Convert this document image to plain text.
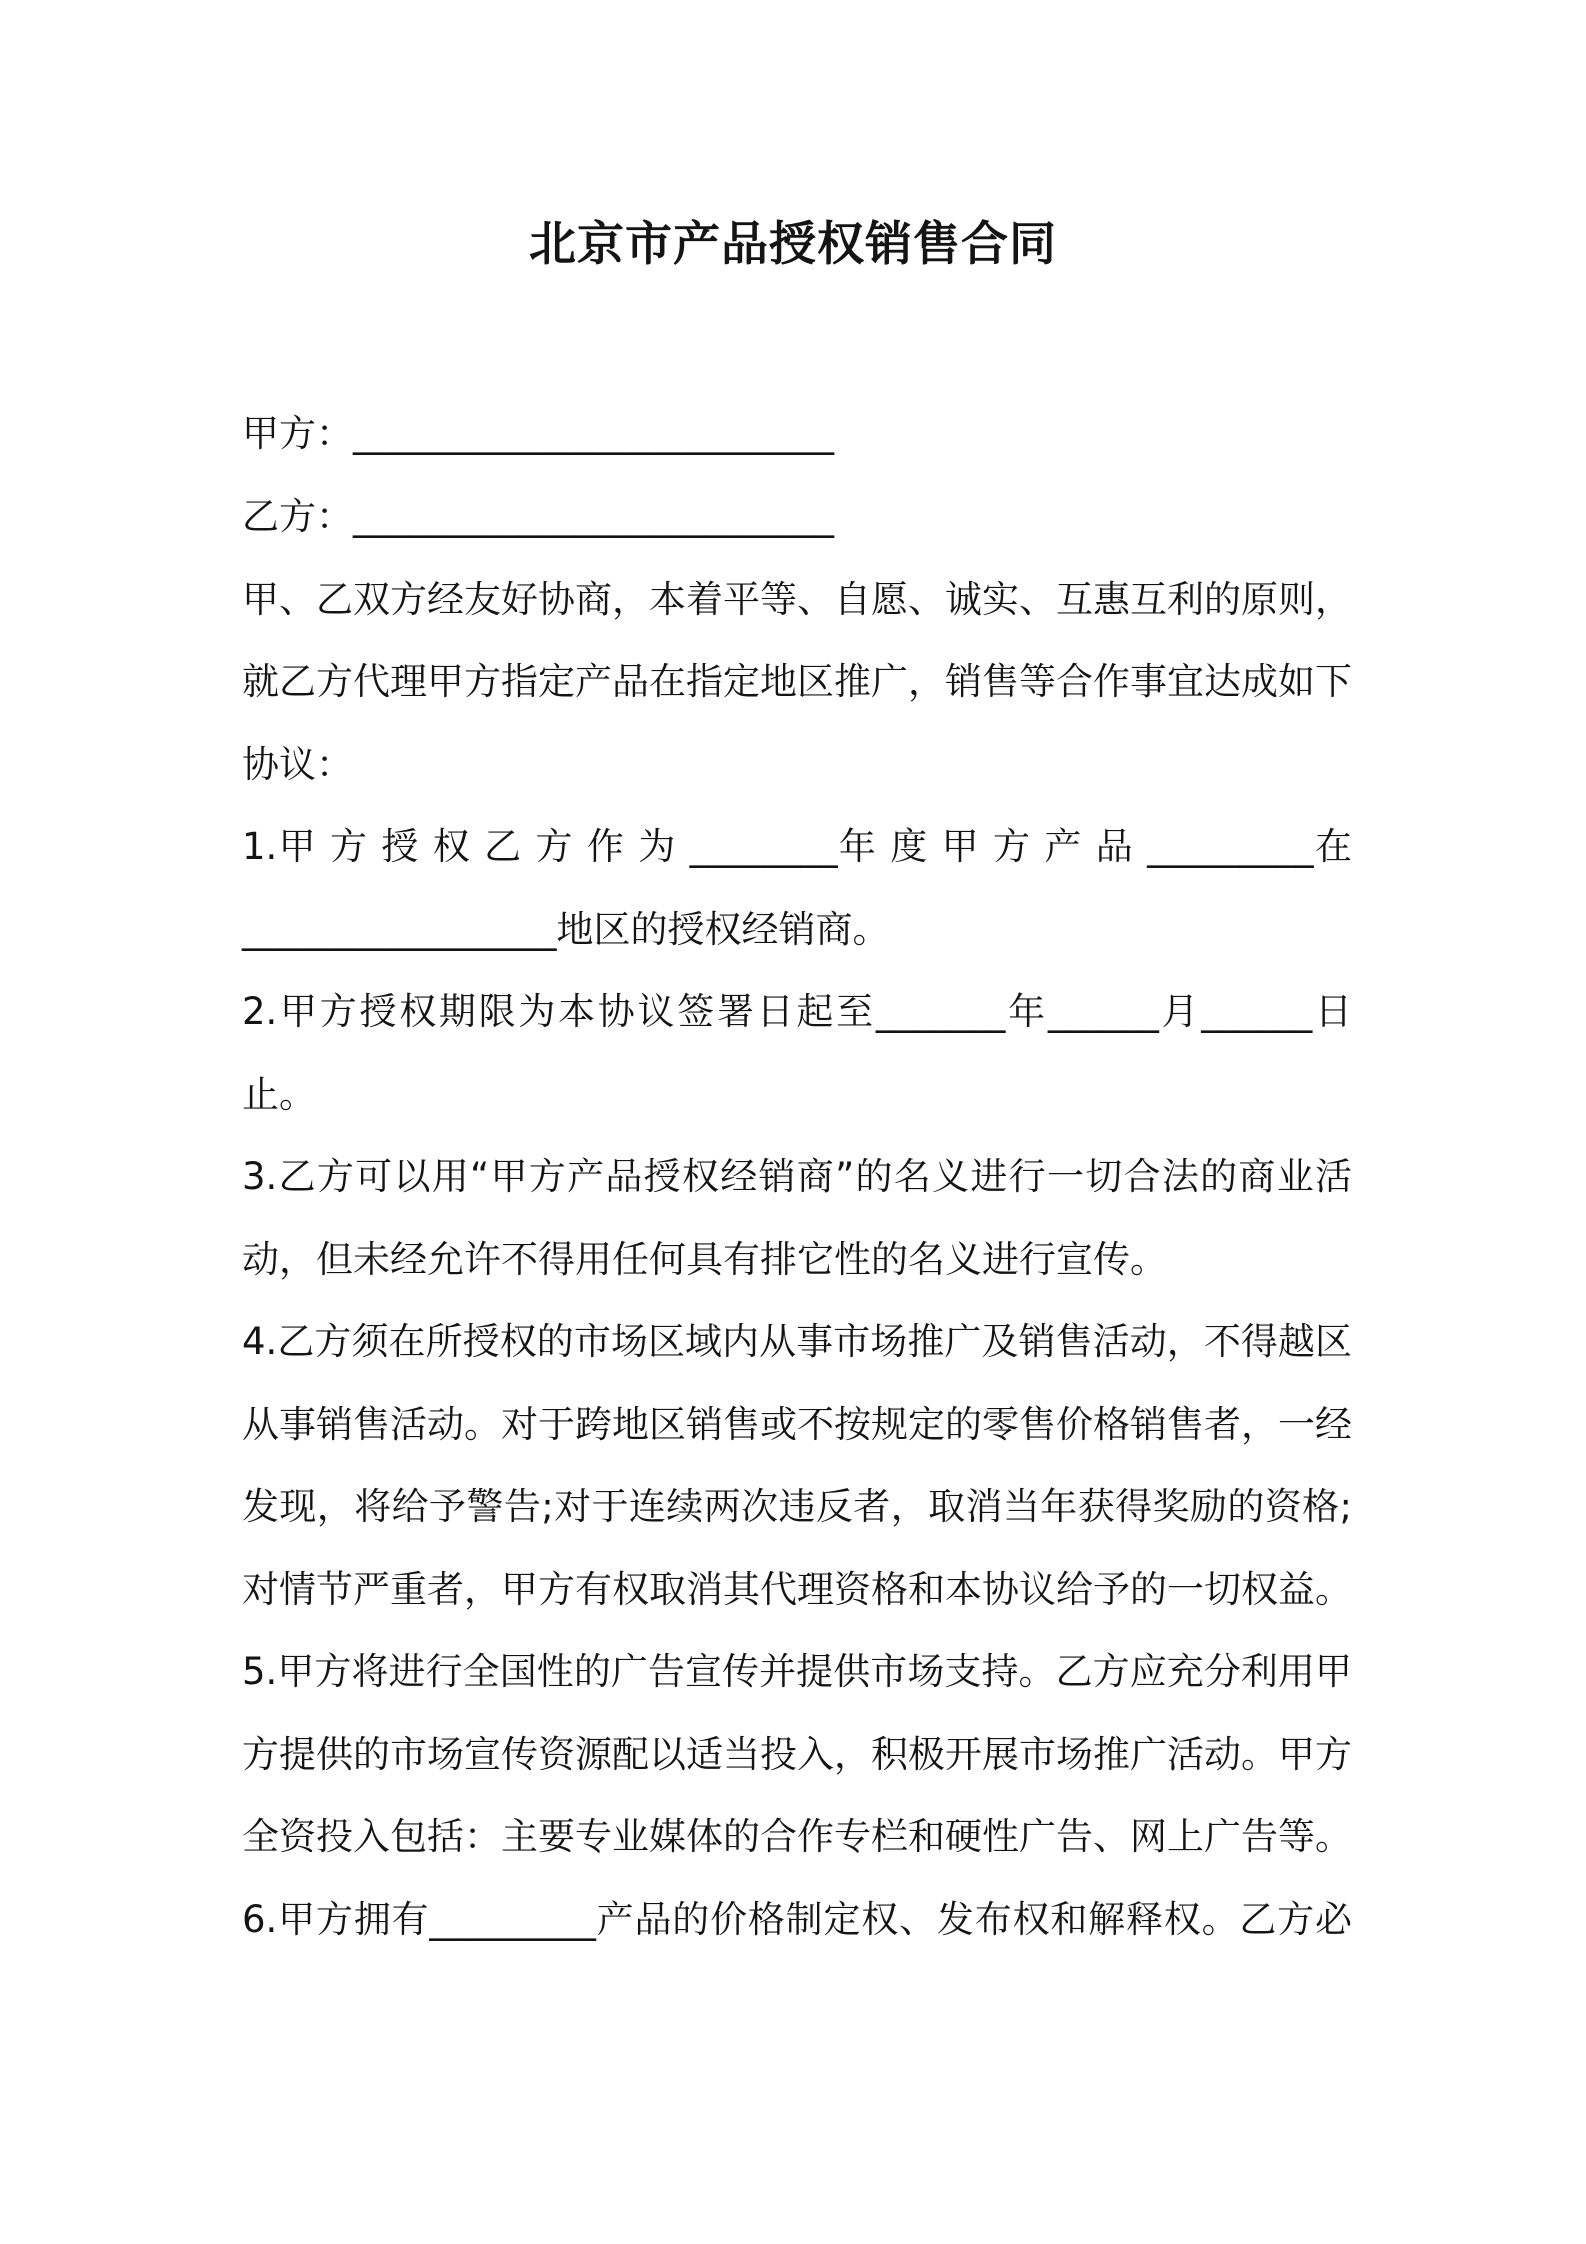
北京市产品授权销售合同
甲方：__________________________
乙方：__________________________
甲、乙双方经友好协商，本着平等、自愿、诚实、互惠互利的原则，
就乙方代理甲方指定产品在指定地区推广，销售等合作事宜达成如下
协议：
1.甲 方 授 权 乙 方 作 为 ________年 度 甲 方 产 品 _________在
_________________地区的授权经销商。
2.甲方授权期限为本协议签署日起至_______年______月______日
止。
3.乙方可以用“甲方产品授权经销商”的名义进行一切合法的商业活
动，但未经允许不得用任何具有排它性的名义进行宣传。
4.乙方须在所授权的市场区域内从事市场推广及销售活动，不得越区
从事销售活动。对于跨地区销售或不按规定的零售价格销售者，一经
发现，将给予警告;对于连续两次违反者，取消当年获得奖励的资格;
对情节严重者，甲方有权取消其代理资格和本协议给予的一切权益。
5.甲方将进行全国性的广告宣传并提供市场支持。乙方应充分利用甲
方提供的市场宣传资源配以适当投入，积极开展市场推广活动。甲方
全资投入包括：主要专业媒体的合作专栏和硬性广告、网上广告等。
6.甲方拥有_________产品的价格制定权、发布权和解释权。乙方必
